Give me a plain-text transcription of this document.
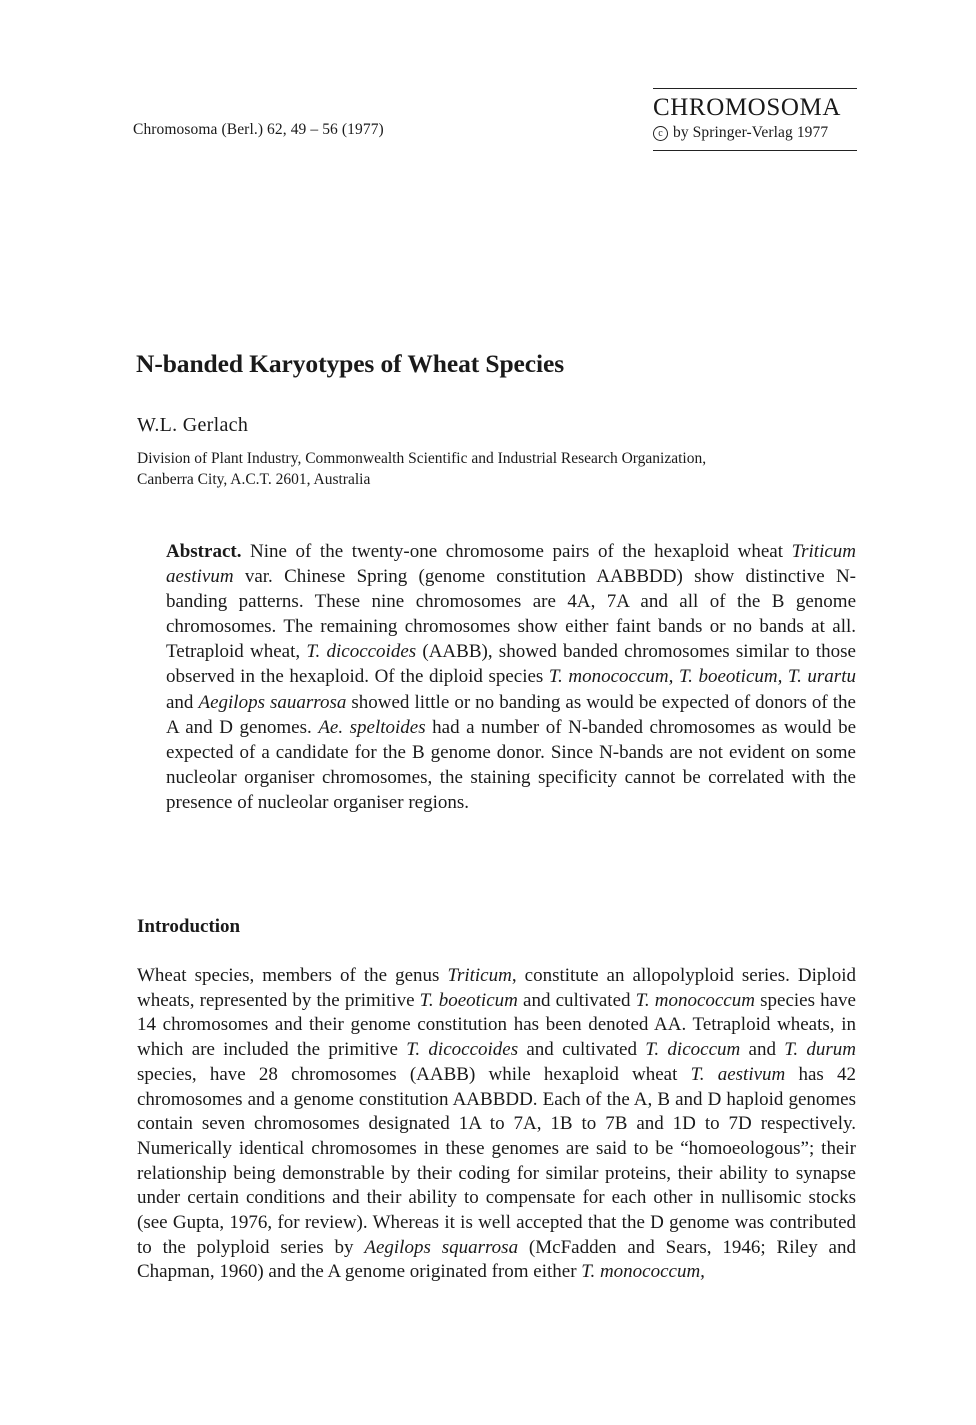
Chromosoma (Berl.) 62, 49 – 56 (1977)
CHROMOSOMA
c by Springer-Verlag 1977
N-banded Karyotypes of Wheat Species
W.L. Gerlach
Division of Plant Industry, Commonwealth Scientific and Industrial Research Organization,
Canberra City, A.C.T. 2601, Australia

Abstract. Nine of the twenty-one chromosome pairs of the hexaploid wheat Triticum aestivum var. Chinese Spring (genome constitution AABBDD) show distinctive N-banding patterns. These nine chromosomes are 4A, 7A and all of the B genome chromosomes. The remaining chromosomes show either faint bands or no bands at all. Tetraploid wheat, T. dicoccoides (AABB), showed banded chromosomes similar to those observed in the hexaploid. Of the diploid species T. monococcum, T. boeoticum, T. urartu and Aegilops sauarrosa showed little or no banding as would be expected of donors of the A and D genomes. Ae. speltoides had a number of N-banded chromosomes as would be expected of a candidate for the B genome donor. Since N-bands are not evident on some nucleolar organiser chromosomes, the staining specificity cannot be correlated with the presence of nucleolar organiser regions.

Introduction

Wheat species, members of the genus Triticum, constitute an allopolyploid series. Diploid wheats, represented by the primitive T. boeoticum and cultivated T. monococcum species have 14 chromosomes and their genome constitution has been denoted AA. Tetraploid wheats, in which are included the primitive T. dicoccoides and cultivated T. dicoccum and T. durum species, have 28 chromosomes (AABB) while hexaploid wheat T. aestivum has 42 chromosomes and a genome constitution AABBDD. Each of the A, B and D haploid genomes contain seven chromosomes designated 1A to 7A, 1B to 7B and 1D to 7D respectively. Numerically identical chromosomes in these genomes are said to be “homoeologous”; their relationship being demonstrable by their coding for similar proteins, their ability to synapse under certain conditions and their ability to compensate for each other in nullisomic stocks (see Gupta, 1976, for review). Whereas it is well accepted that the D genome was contributed to the polyploid series by Aegilops squarrosa (McFadden and Sears, 1946; Riley and Chapman, 1960) and the A genome originated from either T. monococcum,
